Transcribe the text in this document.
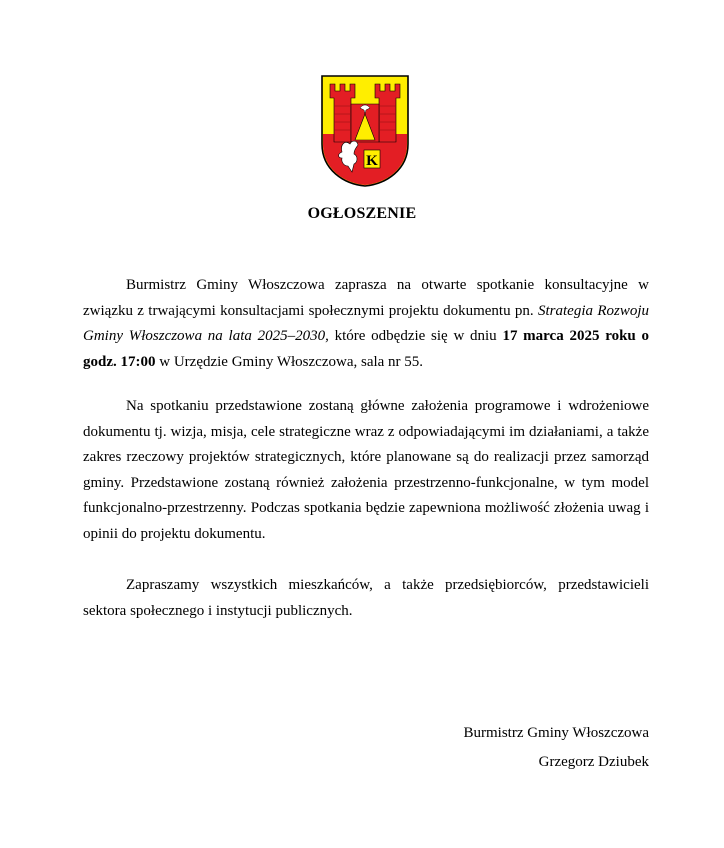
K
OGŁOSZENIE

Burmistrz Gminy Włoszczowa zaprasza na otwarte spotkanie konsultacyjne w związku z trwającymi konsultacjami społecznymi projektu dokumentu pn. Strategia Rozwoju Gminy Włoszczowa na lata 2025–2030, które odbędzie się w dniu 17 marca 2025 roku o godz. 17:00 w Urzędzie Gminy Włoszczowa, sala nr 55.

Na spotkaniu przedstawione zostaną główne założenia programowe i wdrożeniowe dokumentu tj. wizja, misja, cele strategiczne wraz z odpowiadającymi im działaniami, a także zakres rzeczowy projektów strategicznych, które planowane są do realizacji przez samorząd gminy. Przedstawione zostaną również założenia przestrzenno-funkcjonalne, w tym model funkcjonalno-przestrzenny. Podczas spotkania będzie zapewniona możliwość złożenia uwag i opinii do projektu dokumentu.

Zapraszamy wszystkich mieszkańców, a także przedsiębiorców, przedstawicieli sektora społecznego i instytucji publicznych.

Burmistrz Gminy Włoszczowa
Grzegorz Dziubek
